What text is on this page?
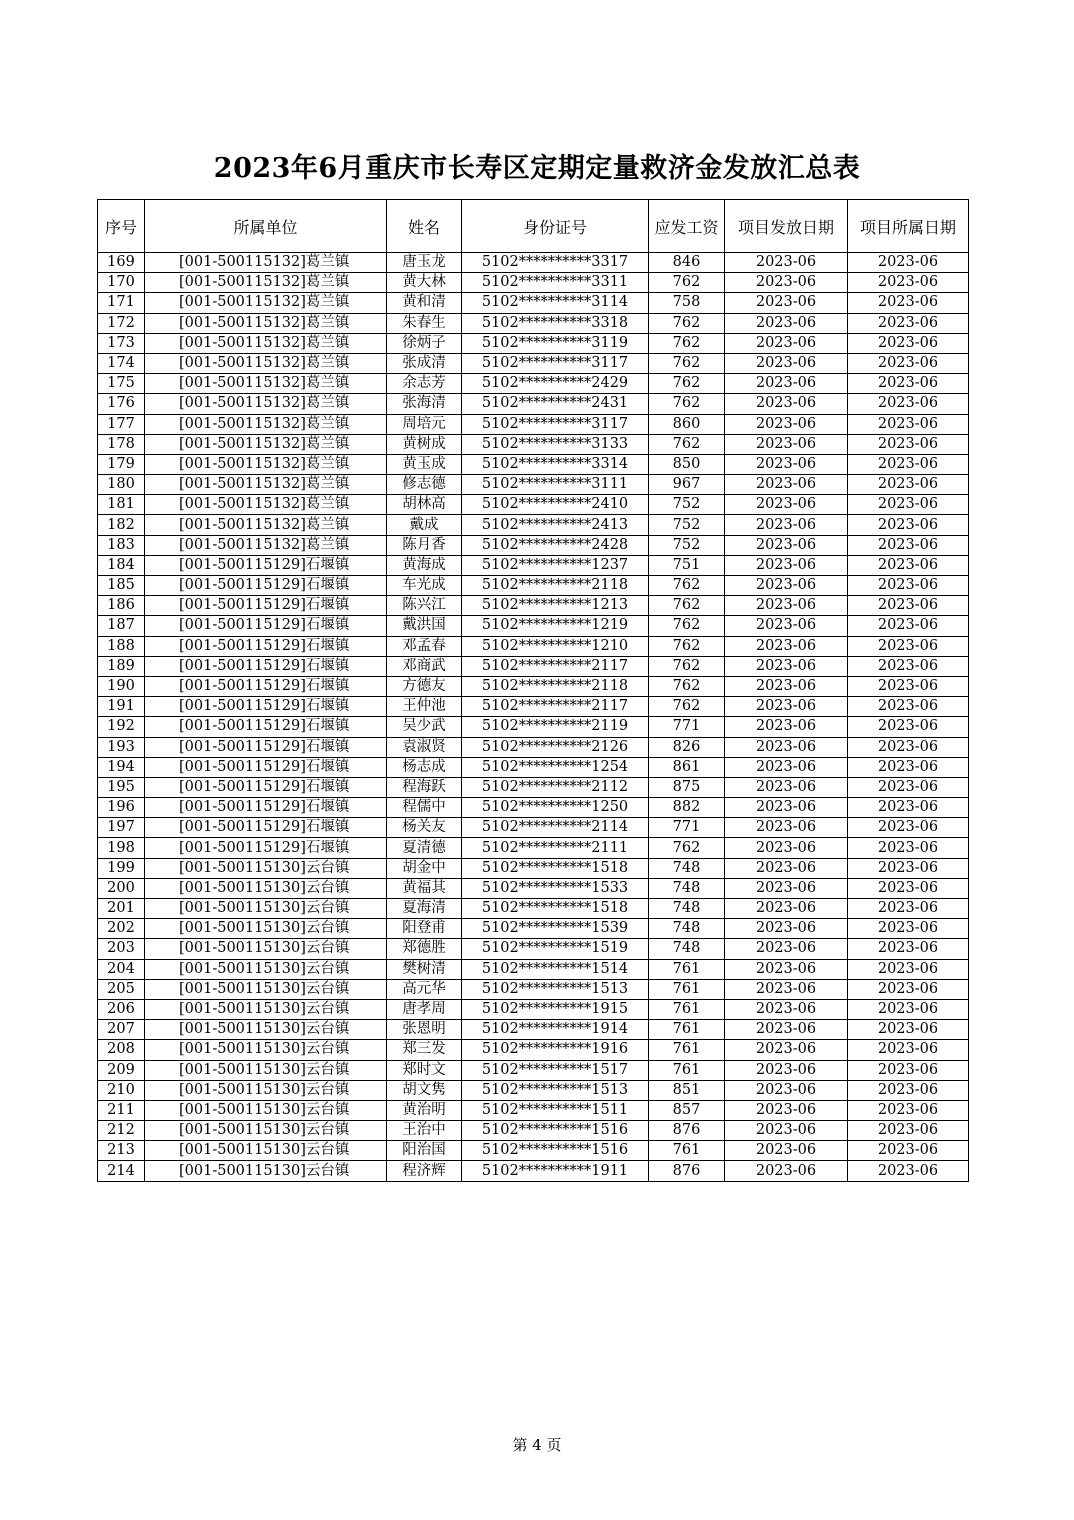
2023年6月重庆市长寿区定期定量救济金发放汇总表
序号	所属单位	姓名	身份证号	应发工资	项目发放日期	项目所属日期
169	[001-500115132]葛兰镇	唐玉龙	5102**********3317	846	2023-06	2023-06
170	[001-500115132]葛兰镇	黄大林	5102**********3311	762	2023-06	2023-06
171	[001-500115132]葛兰镇	黄和清	5102**********3114	758	2023-06	2023-06
172	[001-500115132]葛兰镇	朱春生	5102**********3318	762	2023-06	2023-06
173	[001-500115132]葛兰镇	徐炳子	5102**********3119	762	2023-06	2023-06
174	[001-500115132]葛兰镇	张成清	5102**********3117	762	2023-06	2023-06
175	[001-500115132]葛兰镇	余志芳	5102**********2429	762	2023-06	2023-06
176	[001-500115132]葛兰镇	张海清	5102**********2431	762	2023-06	2023-06
177	[001-500115132]葛兰镇	周培元	5102**********3117	860	2023-06	2023-06
178	[001-500115132]葛兰镇	黄树成	5102**********3133	762	2023-06	2023-06
179	[001-500115132]葛兰镇	黄玉成	5102**********3314	850	2023-06	2023-06
180	[001-500115132]葛兰镇	修志德	5102**********3111	967	2023-06	2023-06
181	[001-500115132]葛兰镇	胡林高	5102**********2410	752	2023-06	2023-06
182	[001-500115132]葛兰镇	戴成	5102**********2413	752	2023-06	2023-06
183	[001-500115132]葛兰镇	陈月香	5102**********2428	752	2023-06	2023-06
184	[001-500115129]石堰镇	黄海成	5102**********1237	751	2023-06	2023-06
185	[001-500115129]石堰镇	车光成	5102**********2118	762	2023-06	2023-06
186	[001-500115129]石堰镇	陈兴江	5102**********1213	762	2023-06	2023-06
187	[001-500115129]石堰镇	戴洪国	5102**********1219	762	2023-06	2023-06
188	[001-500115129]石堰镇	邓孟春	5102**********1210	762	2023-06	2023-06
189	[001-500115129]石堰镇	邓商武	5102**********2117	762	2023-06	2023-06
190	[001-500115129]石堰镇	方德友	5102**********2118	762	2023-06	2023-06
191	[001-500115129]石堰镇	王仲池	5102**********2117	762	2023-06	2023-06
192	[001-500115129]石堰镇	吴少武	5102**********2119	771	2023-06	2023-06
193	[001-500115129]石堰镇	袁淑贤	5102**********2126	826	2023-06	2023-06
194	[001-500115129]石堰镇	杨志成	5102**********1254	861	2023-06	2023-06
195	[001-500115129]石堰镇	程海跃	5102**********2112	875	2023-06	2023-06
196	[001-500115129]石堰镇	程儒中	5102**********1250	882	2023-06	2023-06
197	[001-500115129]石堰镇	杨关友	5102**********2114	771	2023-06	2023-06
198	[001-500115129]石堰镇	夏清德	5102**********2111	762	2023-06	2023-06
199	[001-500115130]云台镇	胡金中	5102**********1518	748	2023-06	2023-06
200	[001-500115130]云台镇	黄福其	5102**********1533	748	2023-06	2023-06
201	[001-500115130]云台镇	夏海清	5102**********1518	748	2023-06	2023-06
202	[001-500115130]云台镇	阳登甫	5102**********1539	748	2023-06	2023-06
203	[001-500115130]云台镇	郑德胜	5102**********1519	748	2023-06	2023-06
204	[001-500115130]云台镇	樊树清	5102**********1514	761	2023-06	2023-06
205	[001-500115130]云台镇	高元华	5102**********1513	761	2023-06	2023-06
206	[001-500115130]云台镇	唐孝周	5102**********1915	761	2023-06	2023-06
207	[001-500115130]云台镇	张恩明	5102**********1914	761	2023-06	2023-06
208	[001-500115130]云台镇	郑三发	5102**********1916	761	2023-06	2023-06
209	[001-500115130]云台镇	郑时文	5102**********1517	761	2023-06	2023-06
210	[001-500115130]云台镇	胡文隽	5102**********1513	851	2023-06	2023-06
211	[001-500115130]云台镇	黄治明	5102**********1511	857	2023-06	2023-06
212	[001-500115130]云台镇	王治中	5102**********1516	876	2023-06	2023-06
213	[001-500115130]云台镇	阳治国	5102**********1516	761	2023-06	2023-06
214	[001-500115130]云台镇	程济辉	5102**********1911	876	2023-06	2023-06
第 4 页
